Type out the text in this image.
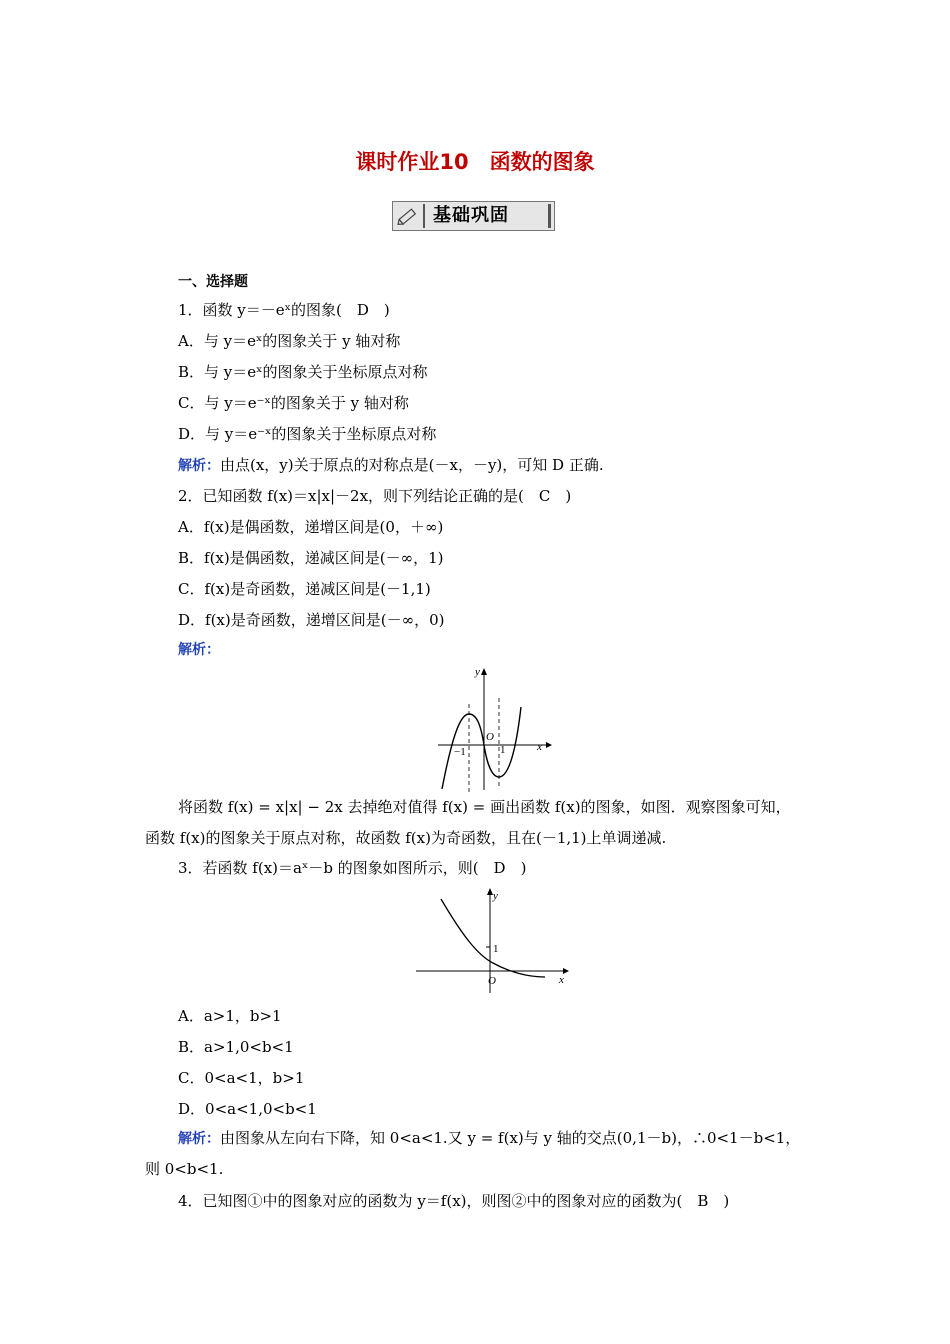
课时作业10　函数的图象
基础巩固
一、选择题
1．函数 y＝－eˣ的图象(　D　)
A．与 y＝eˣ的图象关于 y 轴对称
B．与 y＝eˣ的图象关于坐标原点对称
C．与 y＝e⁻ˣ的图象关于 y 轴对称
D．与 y＝e⁻ˣ的图象关于坐标原点对称
解析：由点(x，y)关于原点的对称点是(－x，－y)，可知 D 正确.
2．已知函数 f(x)＝x|x|－2x，则下列结论正确的是(　C　)
A．f(x)是偶函数，递增区间是(0，＋∞)
B．f(x)是偶函数，递减区间是(－∞，1)
C．f(x)是奇函数，递减区间是(－1,1)
D．f(x)是奇函数，递增区间是(－∞，0)
解析：
y
x
O
−1	1
将函数 f(x) = x|x| − 2x 去掉绝对值得 f(x) = 画出函数 f(x)的图象，如图．观察图象可知，
函数 f(x)的图象关于原点对称，故函数 f(x)为奇函数，且在(－1,1)上单调递减.
3．若函数 f(x)＝aˣ－b 的图象如图所示，则(　D　)
y
x
O
1
A．a>1，b>1
B．a>1,0<b<1
C．0<a<1，b>1
D．0<a<1,0<b<1
解析：由图象从左向右下降，知 0<a<1.又 y = f(x)与 y 轴的交点(0,1－b)，∴0<1－b<1，
则 0<b<1.
4．已知图①中的图象对应的函数为 y＝f(x)，则图②中的图象对应的函数为(　B　)
